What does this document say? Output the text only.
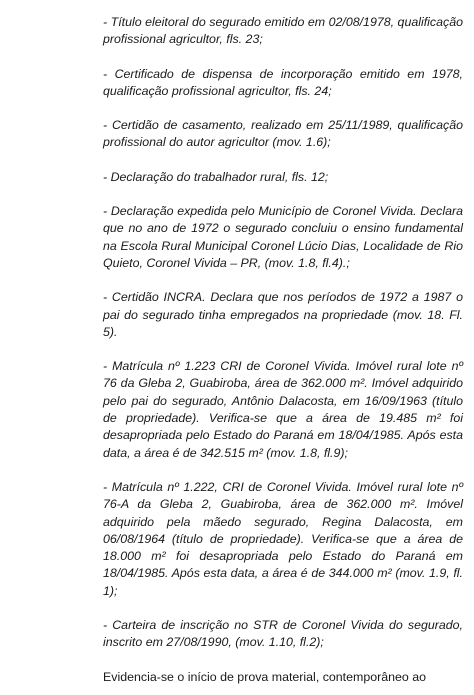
- Título eleitoral do segurado emitido em 02/08/1978, qualificação profissional agricultor, fls. 23;

- Certificado de dispensa de incorporação emitido em 1978, qualificação profissional agricultor, fls. 24;

- Certidão de casamento, realizado em 25/11/1989, qualificação profissional do autor agricultor (mov. 1.6);

- Declaração do trabalhador rural, fls. 12;

- Declaração expedida pelo Município de Coronel Vivida. Declara que no ano de 1972 o segurado concluiu o ensino fundamental na Escola Rural Municipal Coronel Lúcio Dias, Localidade de Rio Quieto, Coronel Vivida – PR, (mov. 1.8, fl.4).;

- Certidão INCRA. Declara que nos períodos de 1972 a 1987 o pai do segurado tinha empregados na propriedade (mov. 18. Fl. 5).

- Matrícula nº 1.223 CRI de Coronel Vivida. Imóvel rural lote nº 76 da Gleba 2, Guabiroba, área de 362.000 m². Imóvel adquirido pelo pai do segurado, Antônio Dalacosta, em 16/09/1963 (título de propriedade). Verifica-se que a área de 19.485 m² foi desapropriada pelo Estado do Paraná em 18/04/1985. Após esta data, a área é de 342.515 m² (mov. 1.8, fl.9);

- Matrícula nº 1.222, CRI de Coronel Vivida. Imóvel rural lote nº 76-A da Gleba 2, Guabiroba, área de 362.000 m². Imóvel adquirido pela mãedo segurado, Regina Dalacosta, em 06/08/1964 (título de propriedade). Verifica-se que a área de 18.000 m² foi desapropriada pelo Estado do Paraná em 18/04/1985. Após esta data, a área é de 344.000 m² (mov. 1.9, fl. 1);

- Carteira de inscrição no STR de Coronel Vivida do segurado, inscrito em 27/08/1990, (mov. 1.10, fl.2);

Evidencia-se o início de prova material, contemporâneo ao
